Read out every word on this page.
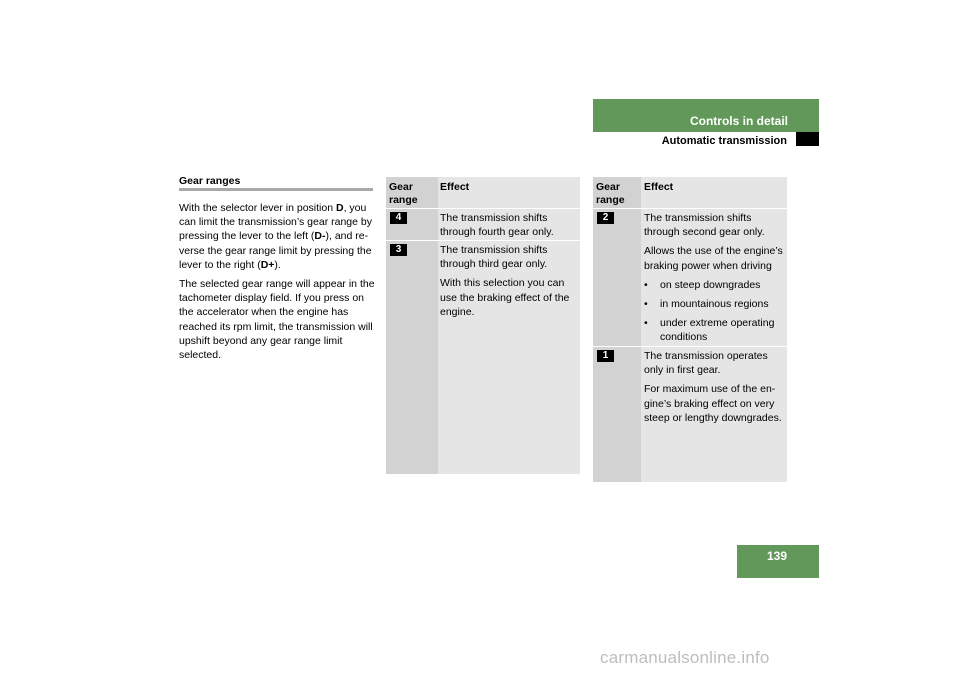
Controls in detail
Automatic transmission
Gear ranges

With the selector lever in position D, you can limit the transmission’s gear range by pressing the lever to the left (D-), and re-verse the gear range limit by pressing the lever to the right (D+).

The selected gear range will appear in the tachometer display field. If you press on the accelerator when the engine has reached its rpm limit, the transmission will upshift beyond any gear range limit selected.

Gear range
Effect
4	The transmission shifts through fourth gear only.

3	The transmission shifts through third gear only.

With this selection you can use the braking effect of the engine.

Gear range
Effect
2	The transmission shifts through second gear only.

Allows the use of the engine’s braking power when driving

• on steep downgrades
• in mountainous regions
• under extreme operating conditions
1	The transmission operates only in first gear.

For maximum use of the en-gine’s braking effect on very steep or lengthy downgrades.

139
carmanualsonline.info
